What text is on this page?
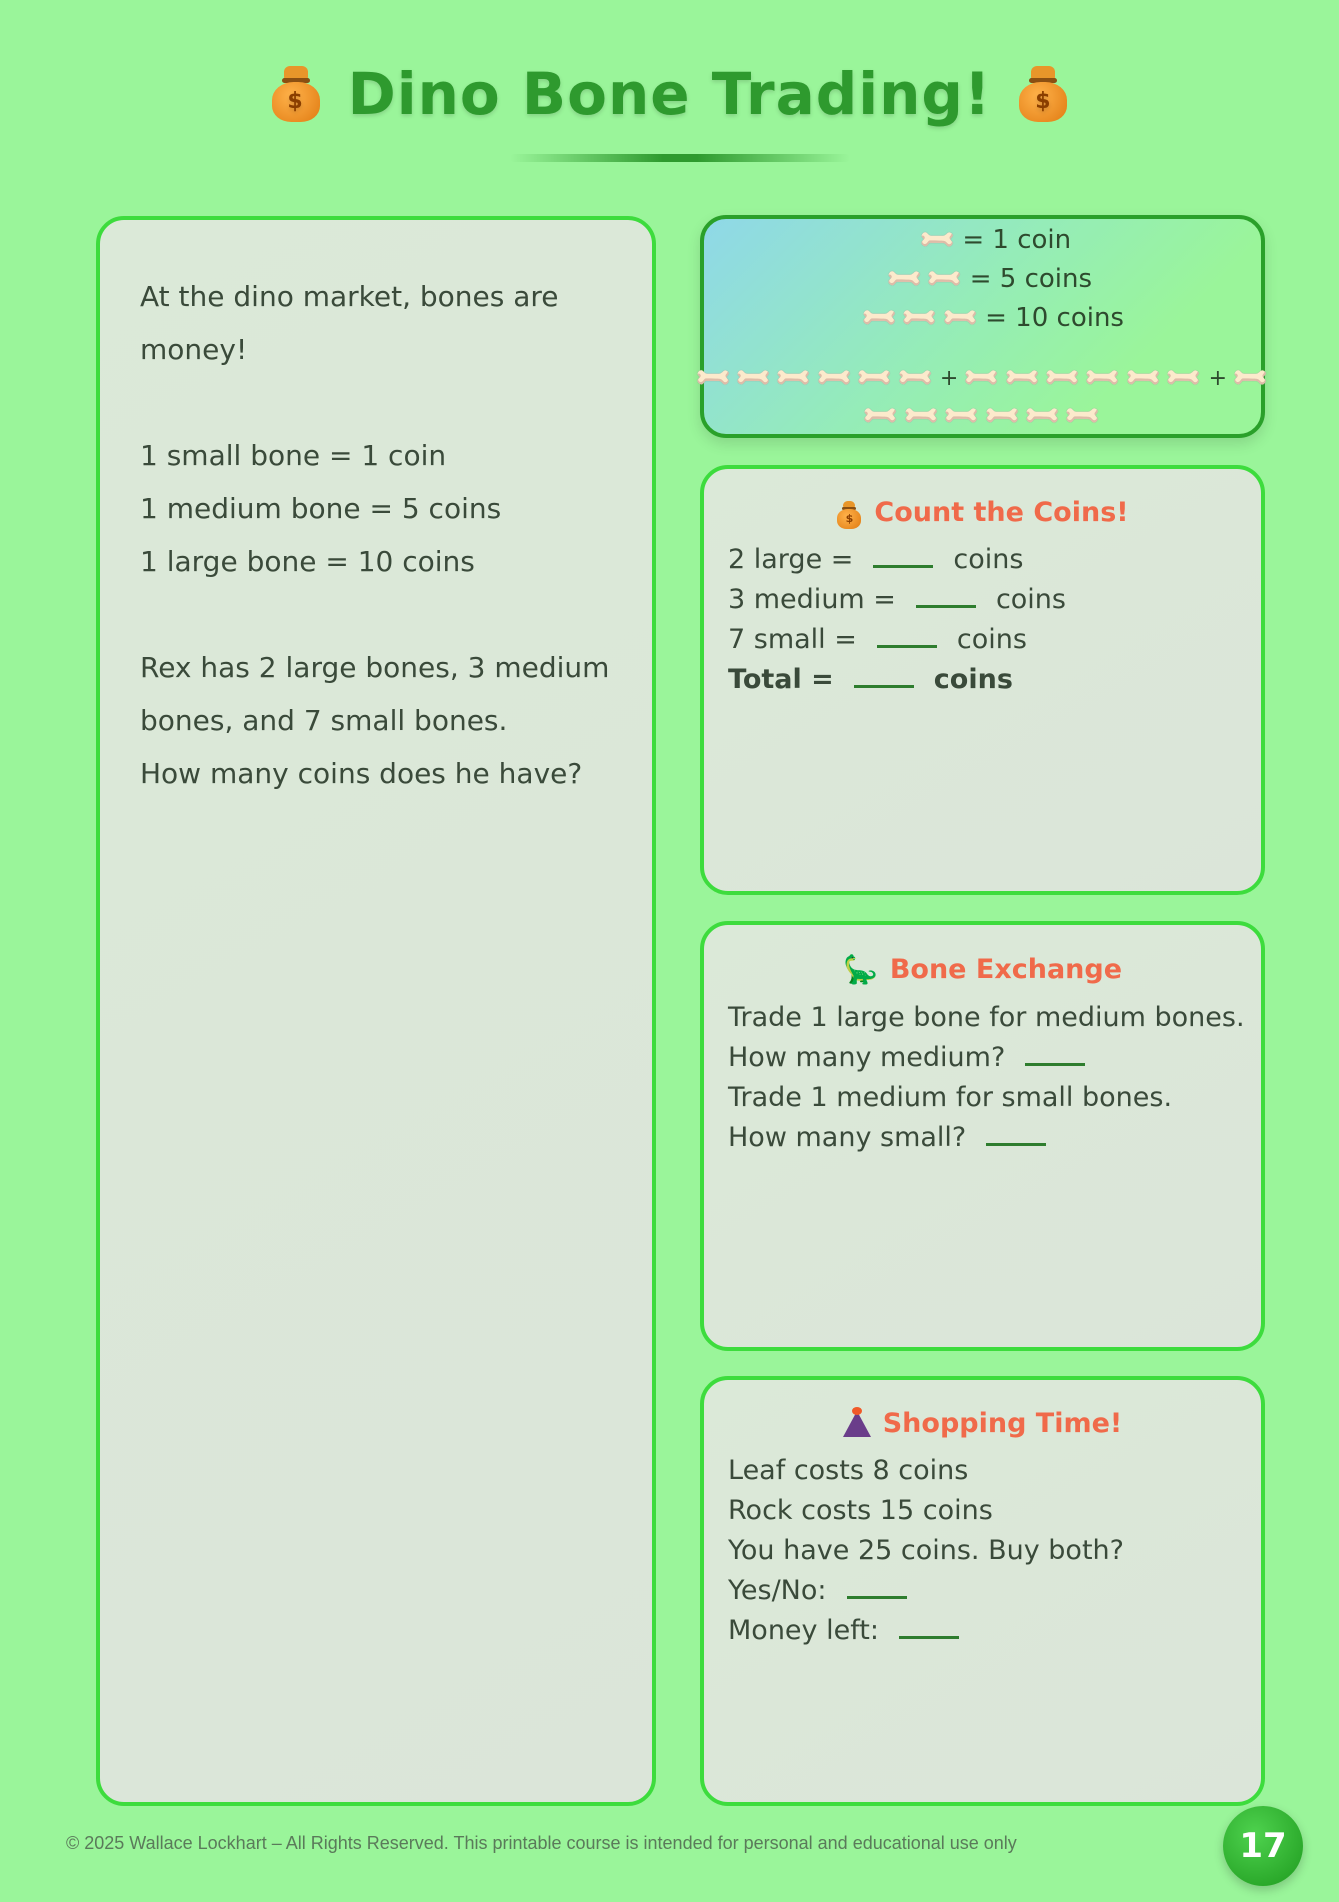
$ Dino Bone Trading!	$

At the dino market, bones are money!

1 small bone = 1 coin

1 medium bone = 5 coins

1 large bone = 10 coins

Rex has 2 large bones, 3 medium bones, and 7 small bones.

How many coins does he have?

🦴 = 1 coin
🦴
🦴 = 5 coins
🦴
🦴
🦴 = 10 coins
🦴
🦴
🦴
🦴
🦴
🦴 + 🦴
🦴
🦴
🦴
🦴
🦴 + 🦴
🦴
🦴
🦴
🦴
🦴
🦴
$ Count the Coins!
2 large =	coins
3 medium =	coins
7 small =	coins
Total =	coins
🦕 Bone Exchange
Trade 1 large bone for medium bones.
How many medium?
Trade 1 medium for small bones.
How many small?
Shopping Time!
Leaf costs 8 coins
Rock costs 15 coins
You have 25 coins. Buy both?
Yes/No:
Money left:
© 2025 Wallace Lockhart – All Rights Reserved. This printable course is intended for personal and educational use only	17
